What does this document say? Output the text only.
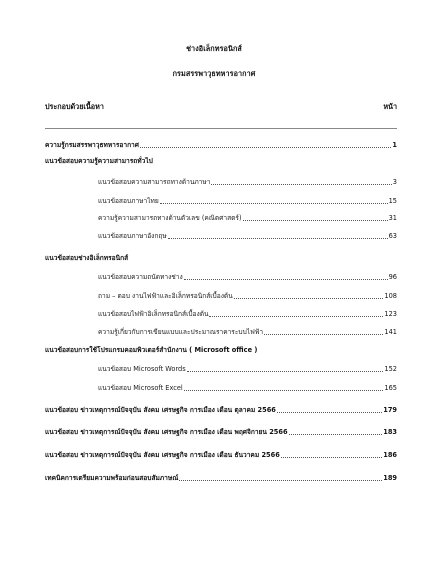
ช่างอิเล็กทรอนิกส์
กรมสรรพาวุธทหารอากาศ
ประกอบด้วยเนื้อหา	หน้า
ความรู้กรมสรรพาวุธทหารอากาศ	1
แนวข้อสอบความรู้ความสามารถทั่วไป
แนวข้อสอบความสามารถทางด้านภาษา	3
แนวข้อสอบภาษาไทย	15
ความรู้ความสามารถทางด้านตัวเลข (คณิตศาสตร์)	31
แนวข้อสอบภาษาอังกฤษ	63
แนวข้อสอบช่างอิเล็กทรอนิกส์
แนวข้อสอบความถนัดทางช่าง	96
ถาม – ตอบ งานไฟฟ้าและอิเล็กทรอนิกส์เบื้องต้น	108
แนวข้อสอบไฟฟ้าอิเล็กทรอนิกส์เบื้องต้น	123
ความรู้เกี่ยวกับการเขียนแบบและประมาณราคาระบบไฟฟ้า	141
แนวข้อสอบการใช้โปรแกรมคอมพิวเตอร์สำนักงาน ( Microsoft office )
แนวข้อสอบ Microsoft Words	152
แนวข้อสอบ Microsoft Excel	165
แนวข้อสอบ ข่าวเหตุการณ์ปัจจุบัน สังคม เศรษฐกิจ การเมือง เดือน ตุลาคม 2566	179
แนวข้อสอบ ข่าวเหตุการณ์ปัจจุบัน สังคม เศรษฐกิจ การเมือง เดือน พฤศจิกายน 2566	183
แนวข้อสอบ ข่าวเหตุการณ์ปัจจุบัน สังคม เศรษฐกิจ การเมือง เดือน ธันวาคม 2566	186
เทคนิคการเตรียมความพร้อมก่อนสอบสัมภาษณ์	189
